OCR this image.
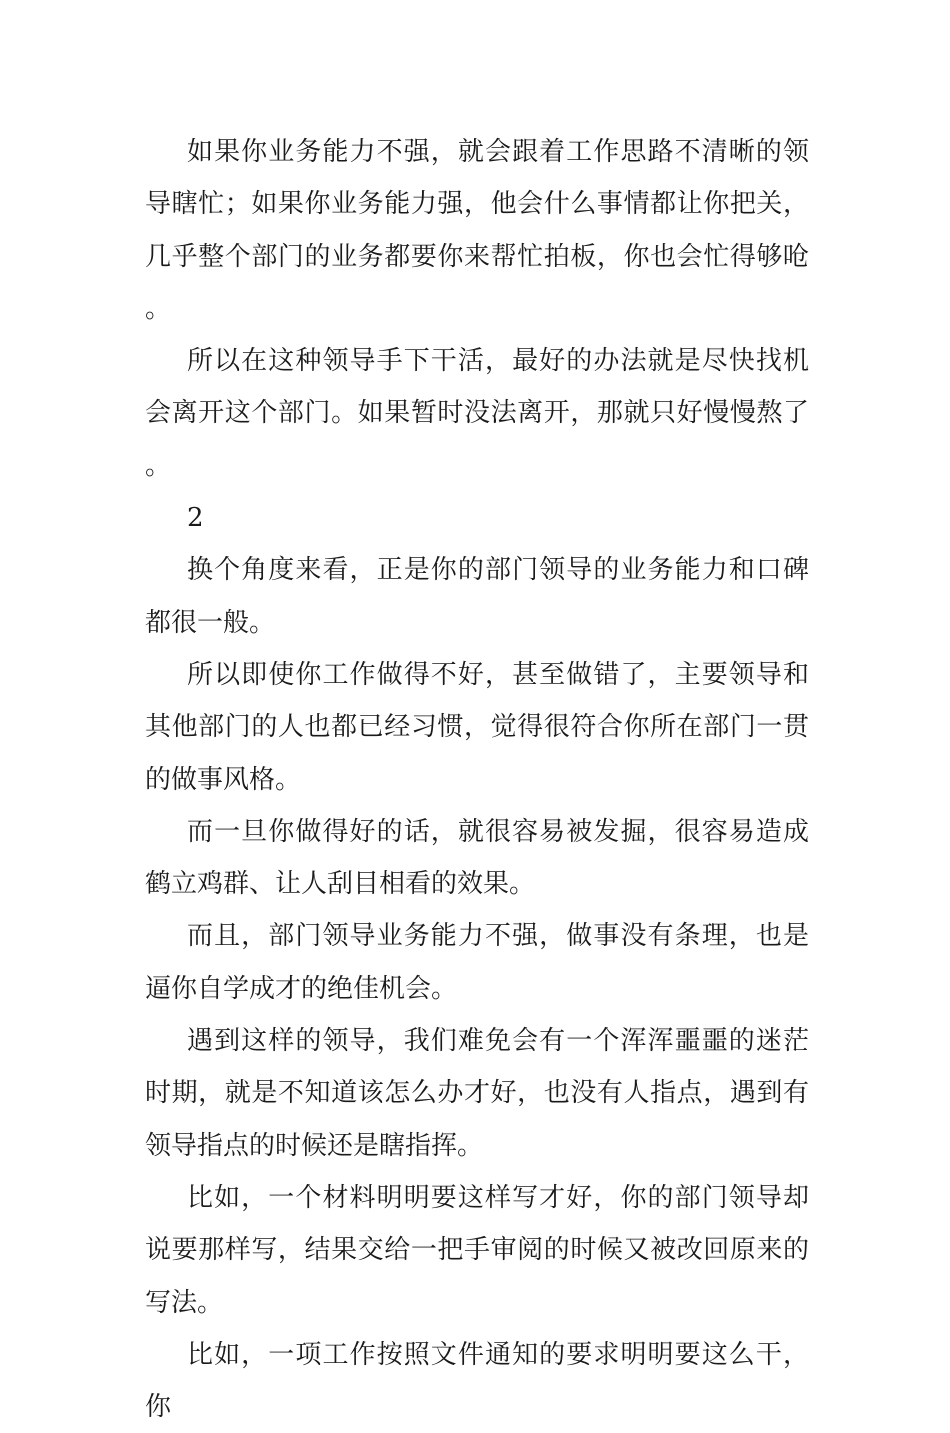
如果你业务能力不强，就会跟着工作思路不清晰的领导瞎忙；如果你业务能力强，他会什么事情都让你把关，几乎整个部门的业务都要你来帮忙拍板，你也会忙得够呛。

所以在这种领导手下干活，最好的办法就是尽快找机会离开这个部门。如果暂时没法离开，那就只好慢慢熬了。

2

换个角度来看，正是你的部门领导的业务能力和口碑都很一般。

所以即使你工作做得不好，甚至做错了，主要领导和其他部门的人也都已经习惯，觉得很符合你所在部门一贯的做事风格。

而一旦你做得好的话，就很容易被发掘，很容易造成鹤立鸡群、让人刮目相看的效果。

而且，部门领导业务能力不强，做事没有条理，也是逼你自学成才的绝佳机会。

遇到这样的领导，我们难免会有一个浑浑噩噩的迷茫时期，就是不知道该怎么办才好，也没有人指点，遇到有领导指点的时候还是瞎指挥。

比如，一个材料明明要这样写才好，你的部门领导却说要那样写，结果交给一把手审阅的时候又被改回原来的写法。

比如，一项工作按照文件通知的要求明明要这么干，你
